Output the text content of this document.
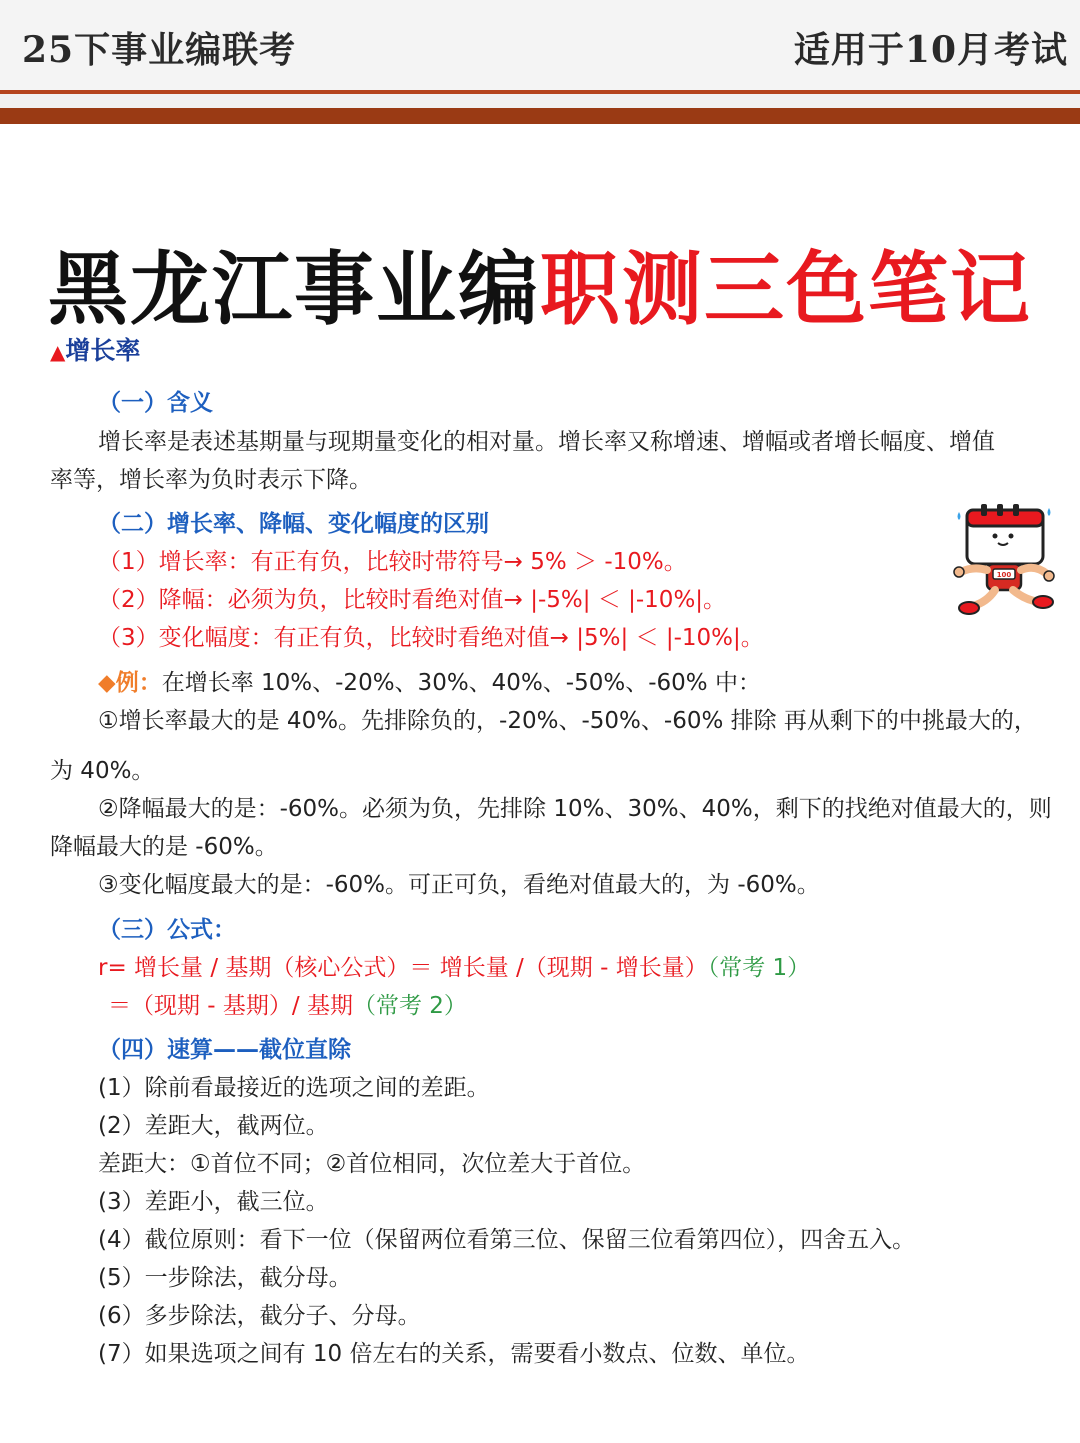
25下事业编联考	适用于10月考试
黑龙江事业编职测三色笔记
▲增长率
（一）含义
增长率是表述基期量与现期量变化的相对量。增长率又称增速、增幅或者增长幅度、增值
率等，增长率为负时表示下降。
（二）增长率、降幅、变化幅度的区别
（1）增长率：有正有负，比较时带符号→ 5% ＞ -10%。
（2）降幅：必须为负，比较时看绝对值→ |-5%| ＜ |-10%|。
（3）变化幅度：有正有负，比较时看绝对值→ |5%| ＜ |-10%|。
◆例：在增长率 10%、-20%、30%、40%、-50%、-60% 中：
①增长率最大的是 40%。先排除负的，-20%、-50%、-60% 排除 再从剩下的中挑最大的，
为 40%。
②降幅最大的是：-60%。必须为负，先排除 10%、30%、40%，剩下的找绝对值最大的，则
降幅最大的是 -60%。
③变化幅度最大的是：-60%。可正可负，看绝对值最大的，为 -60%。
（三）公式：
r= 增长量 / 基期（核心公式）＝ 增长量 /（现期 - 增长量）（常考 1）
＝（现期 - 基期）/ 基期（常考 2）
（四）速算——截位直除
(1）除前看最接近的选项之间的差距。
(2）差距大，截两位。
差距大：①首位不同；②首位相同，次位差大于首位。
(3）差距小，截三位。
(4）截位原则：看下一位（保留两位看第三位、保留三位看第四位），四舍五入。
(5）一步除法，截分母。
(6）多步除法，截分子、分母。
(7）如果选项之间有 10 倍左右的关系，需要看小数点、位数、单位。
100
